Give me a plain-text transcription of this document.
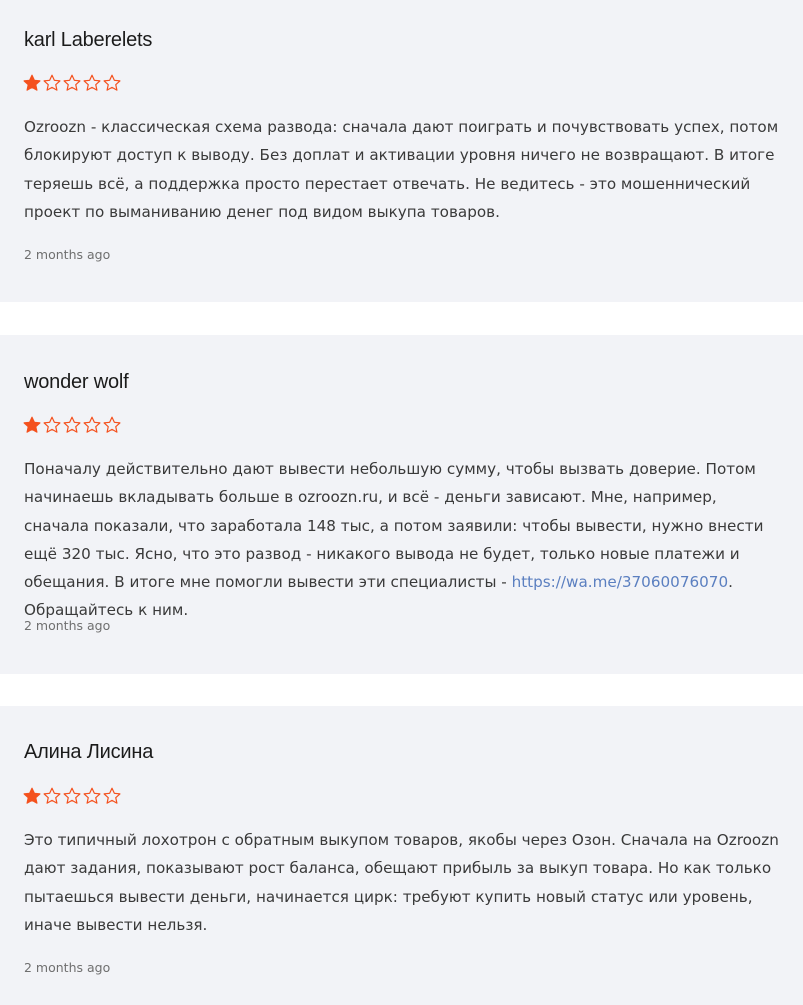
karl Laberelets

Ozroozn - классическая схема развода: сначала дают поиграть и почувствовать успех, потом блокируют доступ к выводу. Без доплат и активации уровня ничего не возвращают. В итоге теряешь всё, а поддержка просто перестает отвечать. Не ведитесь - это мошеннический проект по выманиванию денег под видом выкупа товаров.

2 months ago
wonder wolf

Поначалу действительно дают вывести небольшую сумму, чтобы вызвать доверие. Потом начинаешь вкладывать больше в ozroozn.ru, и всё - деньги зависают. Мне, например, сначала показали, что заработала 148 тыс, а потом заявили: чтобы вывести, нужно внести ещё 320 тыс. Ясно, что это развод - никакого вывода не будет, только новые платежи и обещания. В итоге мне помогли вывести эти специалисты - https://wa.me/37060076070. Обращайтесь к ним.

2 months ago
Алина Лисина

Это типичный лохотрон с обратным выкупом товаров, якобы через Озон. Сначала на Ozroozn дают задания, показывают рост баланса, обещают прибыль за выкуп товара. Но как только пытаешься вывести деньги, начинается цирк: требуют купить новый статус или уровень, иначе вывести нельзя.

2 months ago
